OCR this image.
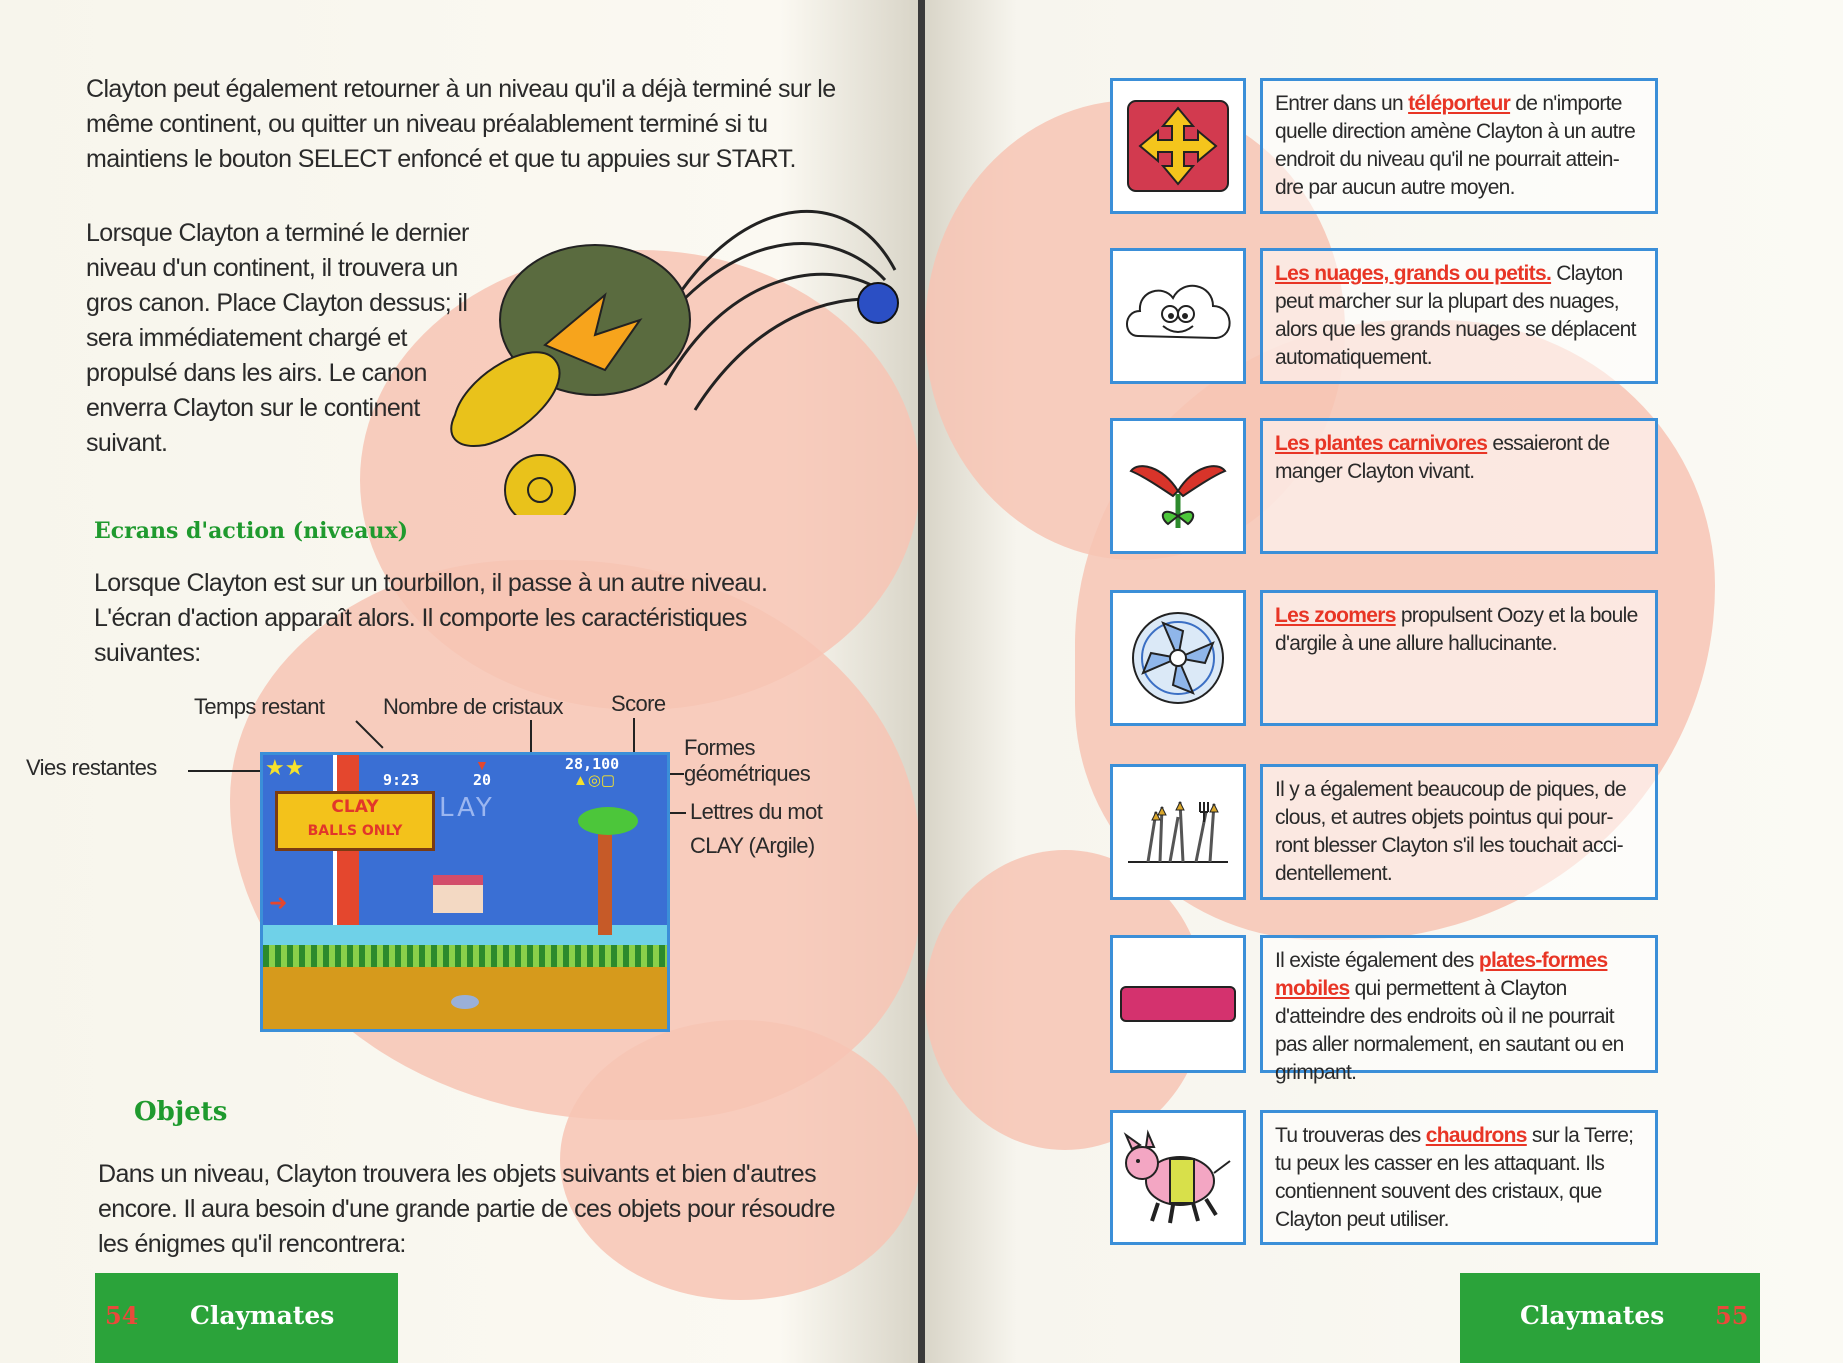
Clayton peut également retourner à un niveau qu'il a déjà terminé sur le même continent, ou quitter un niveau préalablement terminé si tu maintiens le bouton SELECT enfoncé et que tu appuies sur START.

Lorsque Clayton a terminé le dernier niveau d'un continent, il trouvera un gros canon. Place Clayton dessus; il sera immédiatement chargé et propulsé dans les airs. Le canon enverra Clayton sur le continent suivant.

Ecrans d'action (niveaux)

Lorsque Clayton est sur un tourbillon, il passe à un autre niveau. L'écran d'action apparaît alors. Il comporte les caractéristiques suivantes:

Temps restant	Nombre de cristaux Score
Vies restantes
Formes
géométriques
Lettres du mot
CLAY (Argile)
CLAY
BALLS ONLY
LAY
★★	9:23
▼
20
28,100
▲◎▢
➜
Objets

Dans un niveau, Clayton trouvera les objets suivants et bien d'autres encore. Il aura besoin d'une grande partie de ces objets pour résoudre les énigmes qu'il rencontrera:

54 Claymates
Entrer dans un téléporteur de n'importe quelle direction amène Clayton à un autre endroit du niveau qu'il ne pourrait attein-dre par aucun autre moyen.
Les nuages, grands ou petits. Clayton peut marcher sur la plupart des nuages, alors que les grands nuages se déplacent automatiquement.
Les plantes carnivores essaieront de manger Clayton vivant.
Les zoomers propulsent Oozy et la boule d'argile à une allure hallucinante.
Il y a également beaucoup de piques, de clous, et autres objets pointus qui pour-ront blesser Clayton s'il les touchait acci-dentellement.
Il existe également des plates-formes mobiles qui permettent à Clayton d'atteindre des endroits où il ne pourrait pas aller normalement, en sautant ou en grimpant.
Tu trouveras des chaudrons sur la Terre; tu peux les casser en les attaquant. Ils contiennent souvent des cristaux, que Clayton peut utiliser.
Claymates 55
